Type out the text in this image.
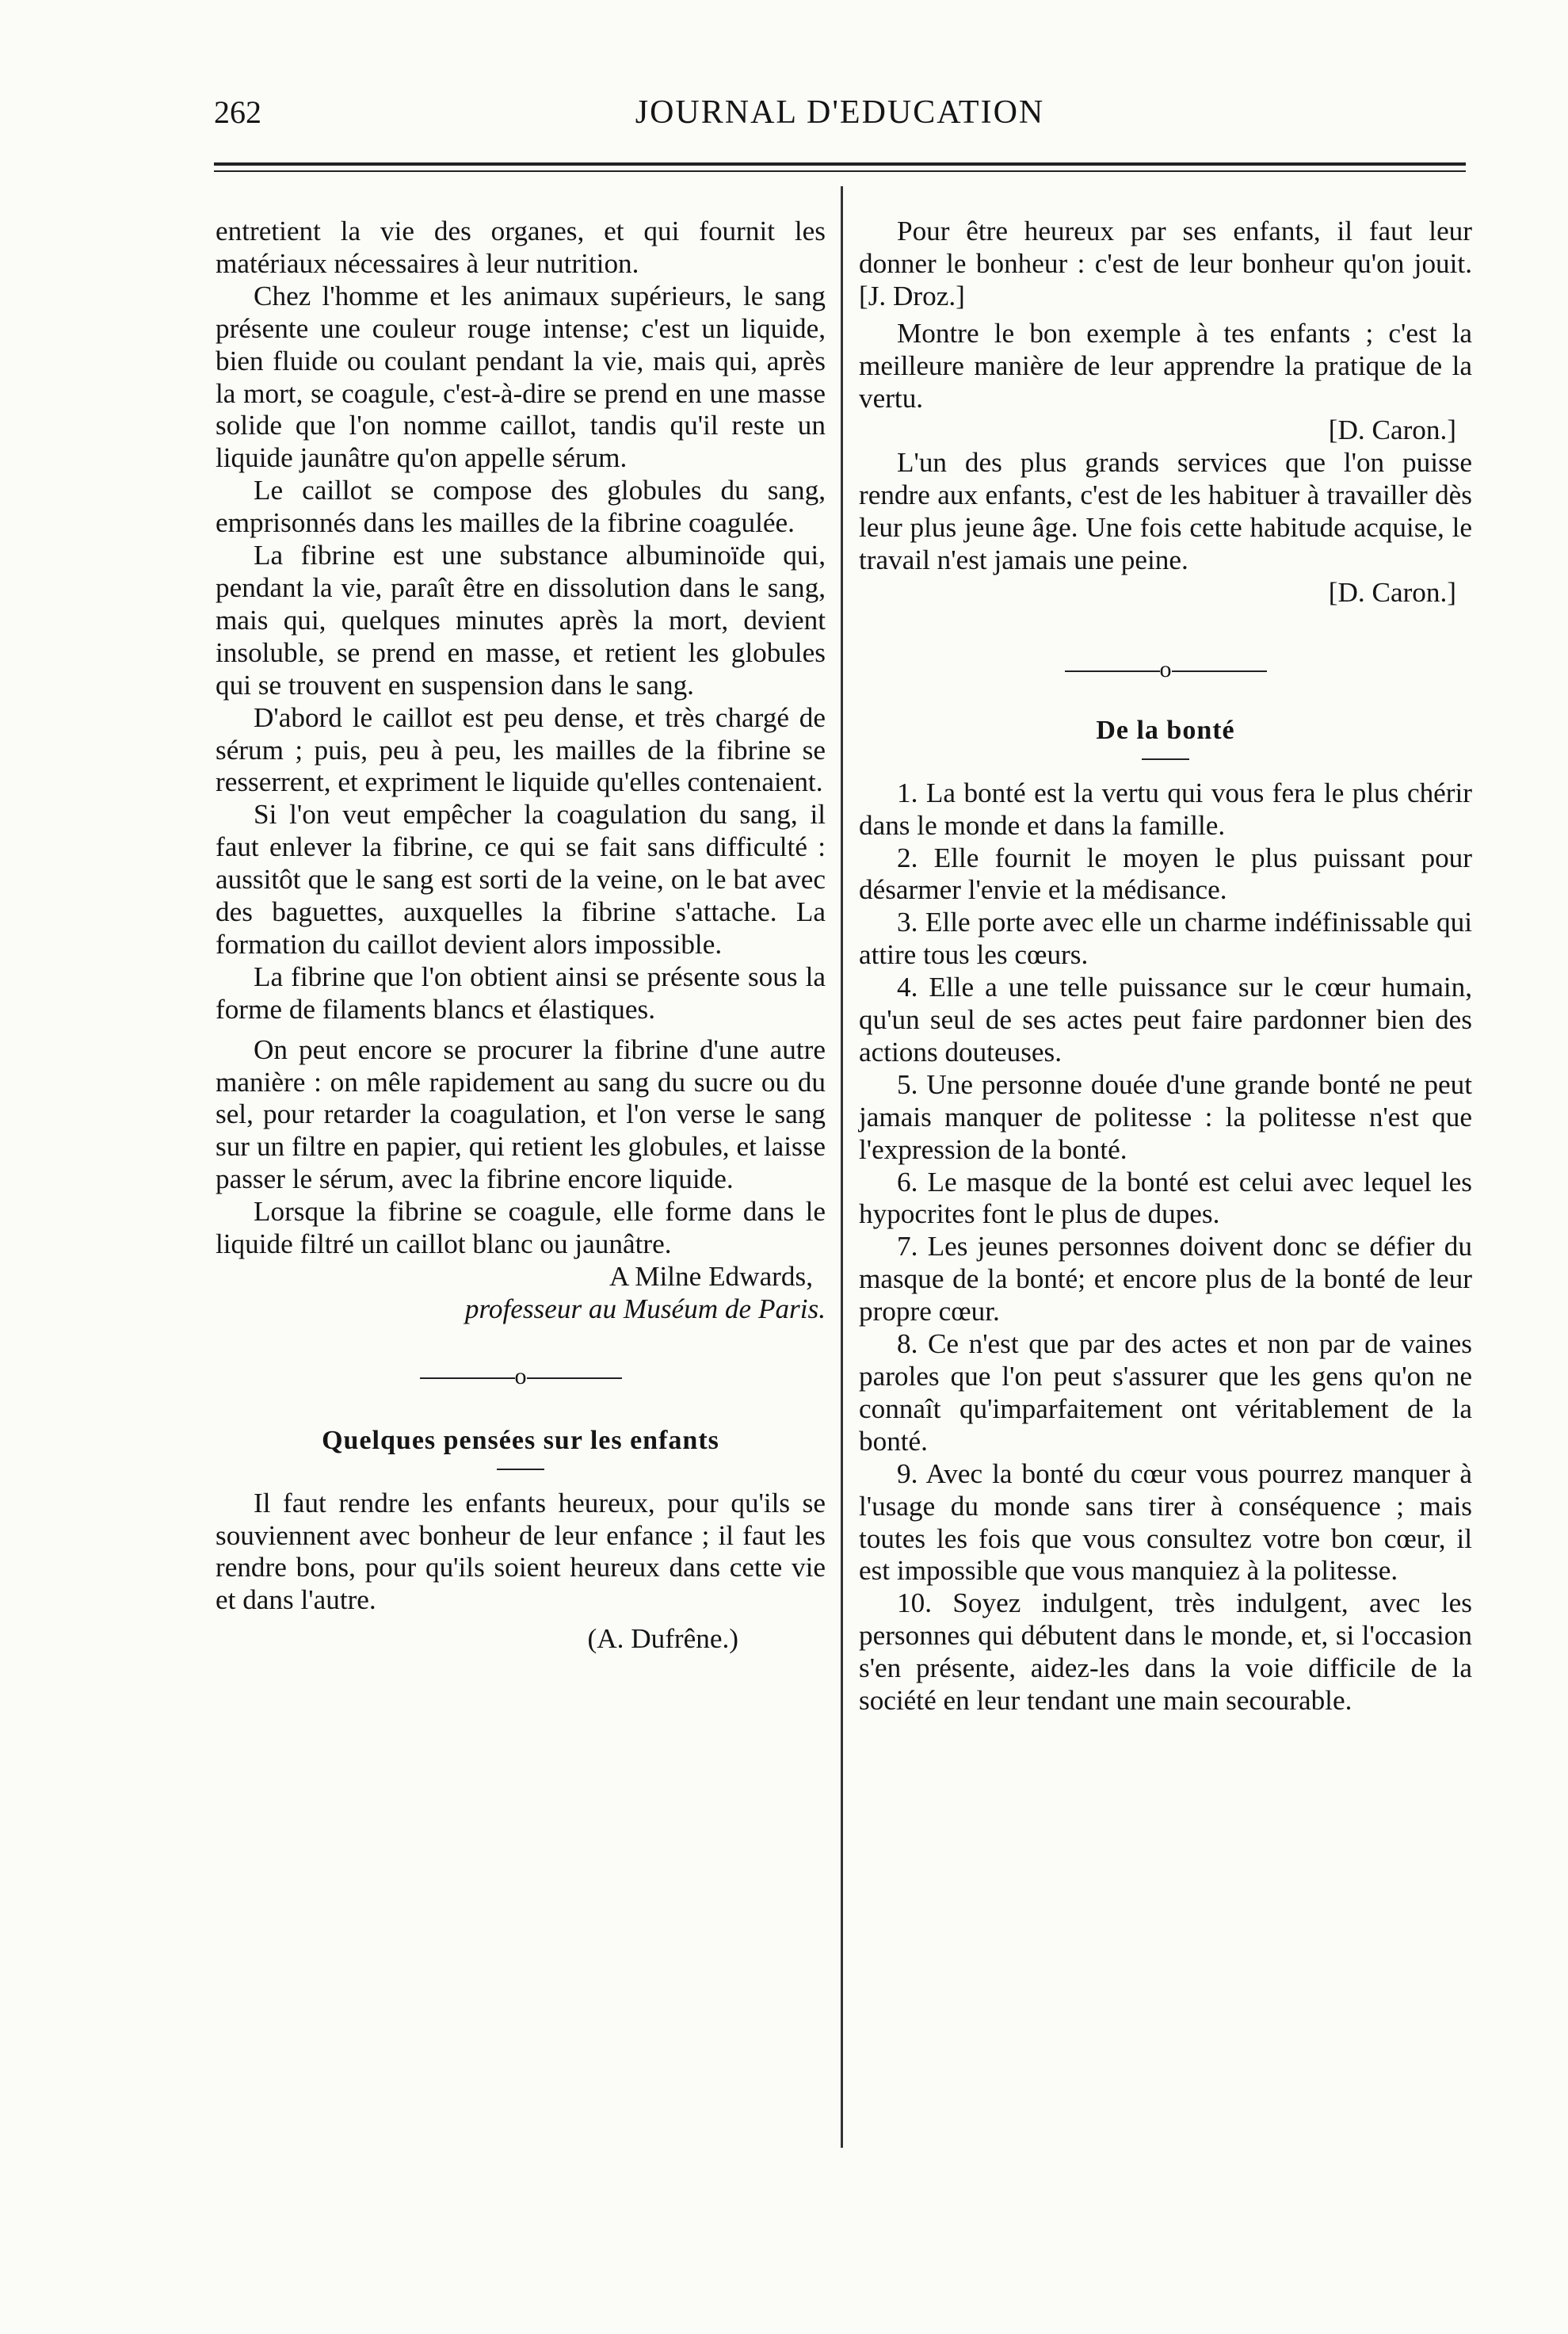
262	JOURNAL D'EDUCATION

entretient la vie des organes, et qui fournit les matériaux nécessaires à leur nutrition.

Chez l'homme et les animaux supérieurs, le sang présente une couleur rouge intense; c'est un liquide, bien fluide ou coulant pendant la vie, mais qui, après la mort, se coagule, c'est-à-dire se prend en une masse solide que l'on nomme caillot, tandis qu'il reste un liquide jaunâtre qu'on appelle sérum.

Le caillot se compose des globules du sang, emprisonnés dans les mailles de la fibrine coagulée.

La fibrine est une substance albuminoïde qui, pendant la vie, paraît être en dissolution dans le sang, mais qui, quelques minutes après la mort, devient insoluble, se prend en masse, et retient les globules qui se trouvent en suspension dans le sang.

D'abord le caillot est peu dense, et très chargé de sérum ; puis, peu à peu, les mailles de la fibrine se resserrent, et expriment le liquide qu'elles contenaient.

Si l'on veut empêcher la coagulation du sang, il faut enlever la fibrine, ce qui se fait sans difficulté : aussitôt que le sang est sorti de la veine, on le bat avec des baguettes, auxquelles la fibrine s'attache. La formation du caillot devient alors impossible.

La fibrine que l'on obtient ainsi se présente sous la forme de filaments blancs et élastiques.

On peut encore se procurer la fibrine d'une autre manière : on mêle rapidement au sang du sucre ou du sel, pour retarder la coagulation, et l'on verse le sang sur un filtre en papier, qui retient les globules, et laisse passer le sérum, avec la fibrine encore liquide.

Lorsque la fibrine se coagule, elle forme dans le liquide filtré un caillot blanc ou jaunâtre.

A Milne Edwards,
professeur au Muséum de Paris.
o
Quelques pensées sur les enfants

Il faut rendre les enfants heureux, pour qu'ils se souviennent avec bonheur de leur enfance ; il faut les rendre bons, pour qu'ils soient heureux dans cette vie et dans l'autre.

(A. Dufrêne.)

Pour être heureux par ses enfants, il faut leur donner le bonheur : c'est de leur bonheur qu'on jouit. [J. Droz.]

Montre le bon exemple à tes enfants ; c'est la meilleure manière de leur apprendre la pratique de la vertu.

[D. Caron.]

L'un des plus grands services que l'on puisse rendre aux enfants, c'est de les habituer à travailler dès leur plus jeune âge. Une fois cette habitude acquise, le travail n'est jamais une peine.

[D. Caron.]
o
De la bonté

1. La bonté est la vertu qui vous fera le plus chérir dans le monde et dans la famille.

2. Elle fournit le moyen le plus puissant pour désarmer l'envie et la médisance.

3. Elle porte avec elle un charme indéfinissable qui attire tous les cœurs.

4. Elle a une telle puissance sur le cœur humain, qu'un seul de ses actes peut faire pardonner bien des actions douteuses.

5. Une personne douée d'une grande bonté ne peut jamais manquer de politesse : la politesse n'est que l'expression de la bonté.

6. Le masque de la bonté est celui avec lequel les hypocrites font le plus de dupes.

7. Les jeunes personnes doivent donc se défier du masque de la bonté; et encore plus de la bonté de leur propre cœur.

8. Ce n'est que par des actes et non par de vaines paroles que l'on peut s'assurer que les gens qu'on ne connaît qu'imparfaitement ont véritablement de la bonté.

9. Avec la bonté du cœur vous pourrez manquer à l'usage du monde sans tirer à conséquence ; mais toutes les fois que vous consultez votre bon cœur, il est impossible que vous manquiez à la politesse.

10. Soyez indulgent, très indulgent, avec les personnes qui débutent dans le monde, et, si l'occasion s'en présente, aidez-les dans la voie difficile de la société en leur tendant une main secourable.
